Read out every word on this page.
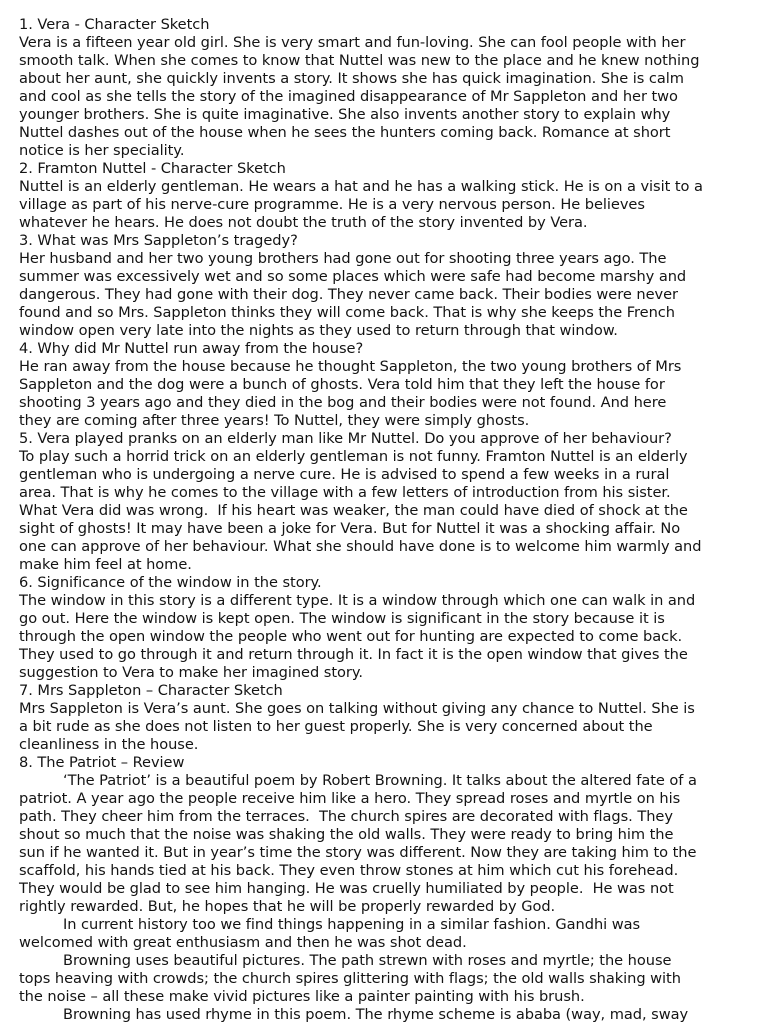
1. Vera - Character Sketch
Vera is a fifteen year old girl. She is very smart and fun-loving. She can fool people with her
smooth talk. When she comes to know that Nuttel was new to the place and he knew nothing
about her aunt, she quickly invents a story. It shows she has quick imagination. She is calm
and cool as she tells the story of the imagined disappearance of Mr Sappleton and her two
younger brothers. She is quite imaginative. She also invents another story to explain why
Nuttel dashes out of the house when he sees the hunters coming back. Romance at short
notice is her speciality.
2. Framton Nuttel - Character Sketch
Nuttel is an elderly gentleman. He wears a hat and he has a walking stick. He is on a visit to a
village as part of his nerve-cure programme. He is a very nervous person. He believes
whatever he hears. He does not doubt the truth of the story invented by Vera.
3. What was Mrs Sappleton’s tragedy?
Her husband and her two young brothers had gone out for shooting three years ago. The
summer was excessively wet and so some places which were safe had become marshy and
dangerous. They had gone with their dog. They never came back. Their bodies were never
found and so Mrs. Sappleton thinks they will come back. That is why she keeps the French
window open very late into the nights as they used to return through that window.
4. Why did Mr Nuttel run away from the house?
He ran away from the house because he thought Sappleton, the two young brothers of Mrs
Sappleton and the dog were a bunch of ghosts. Vera told him that they left the house for
shooting 3 years ago and they died in the bog and their bodies were not found. And here
they are coming after three years! To Nuttel, they were simply ghosts.
5. Vera played pranks on an elderly man like Mr Nuttel. Do you approve of her behaviour?
To play such a horrid trick on an elderly gentleman is not funny. Framton Nuttel is an elderly
gentleman who is undergoing a nerve cure. He is advised to spend a few weeks in a rural
area. That is why he comes to the village with a few letters of introduction from his sister.
What Vera did was wrong.  If his heart was weaker, the man could have died of shock at the
sight of ghosts! It may have been a joke for Vera. But for Nuttel it was a shocking affair. No
one can approve of her behaviour. What she should have done is to welcome him warmly and
make him feel at home.
6. Significance of the window in the story.
The window in this story is a different type. It is a window through which one can walk in and
go out. Here the window is kept open. The window is significant in the story because it is
through the open window the people who went out for hunting are expected to come back.
They used to go through it and return through it. In fact it is the open window that gives the
suggestion to Vera to make her imagined story.
7. Mrs Sappleton – Character Sketch
Mrs Sappleton is Vera’s aunt. She goes on talking without giving any chance to Nuttel. She is
a bit rude as she does not listen to her guest properly. She is very concerned about the
cleanliness in the house.
8. The Patriot – Review
‘The Patriot’ is a beautiful poem by Robert Browning. It talks about the altered fate of a
patriot. A year ago the people receive him like a hero. They spread roses and myrtle on his
path. They cheer him from the terraces.  The church spires are decorated with flags. They
shout so much that the noise was shaking the old walls. They were ready to bring him the
sun if he wanted it. But in year’s time the story was different. Now they are taking him to the
scaffold, his hands tied at his back. They even throw stones at him which cut his forehead.
They would be glad to see him hanging. He was cruelly humiliated by people.  He was not
rightly rewarded. But, he hopes that he will be properly rewarded by God.
In current history too we find things happening in a similar fashion. Gandhi was
welcomed with great enthusiasm and then he was shot dead.
Browning uses beautiful pictures. The path strewn with roses and myrtle; the house
tops heaving with crowds; the church spires glittering with flags; the old walls shaking with
the noise – all these make vivid pictures like a painter painting with his brush.
Browning has used rhyme in this poem. The rhyme scheme is ababa (way, mad, sway
